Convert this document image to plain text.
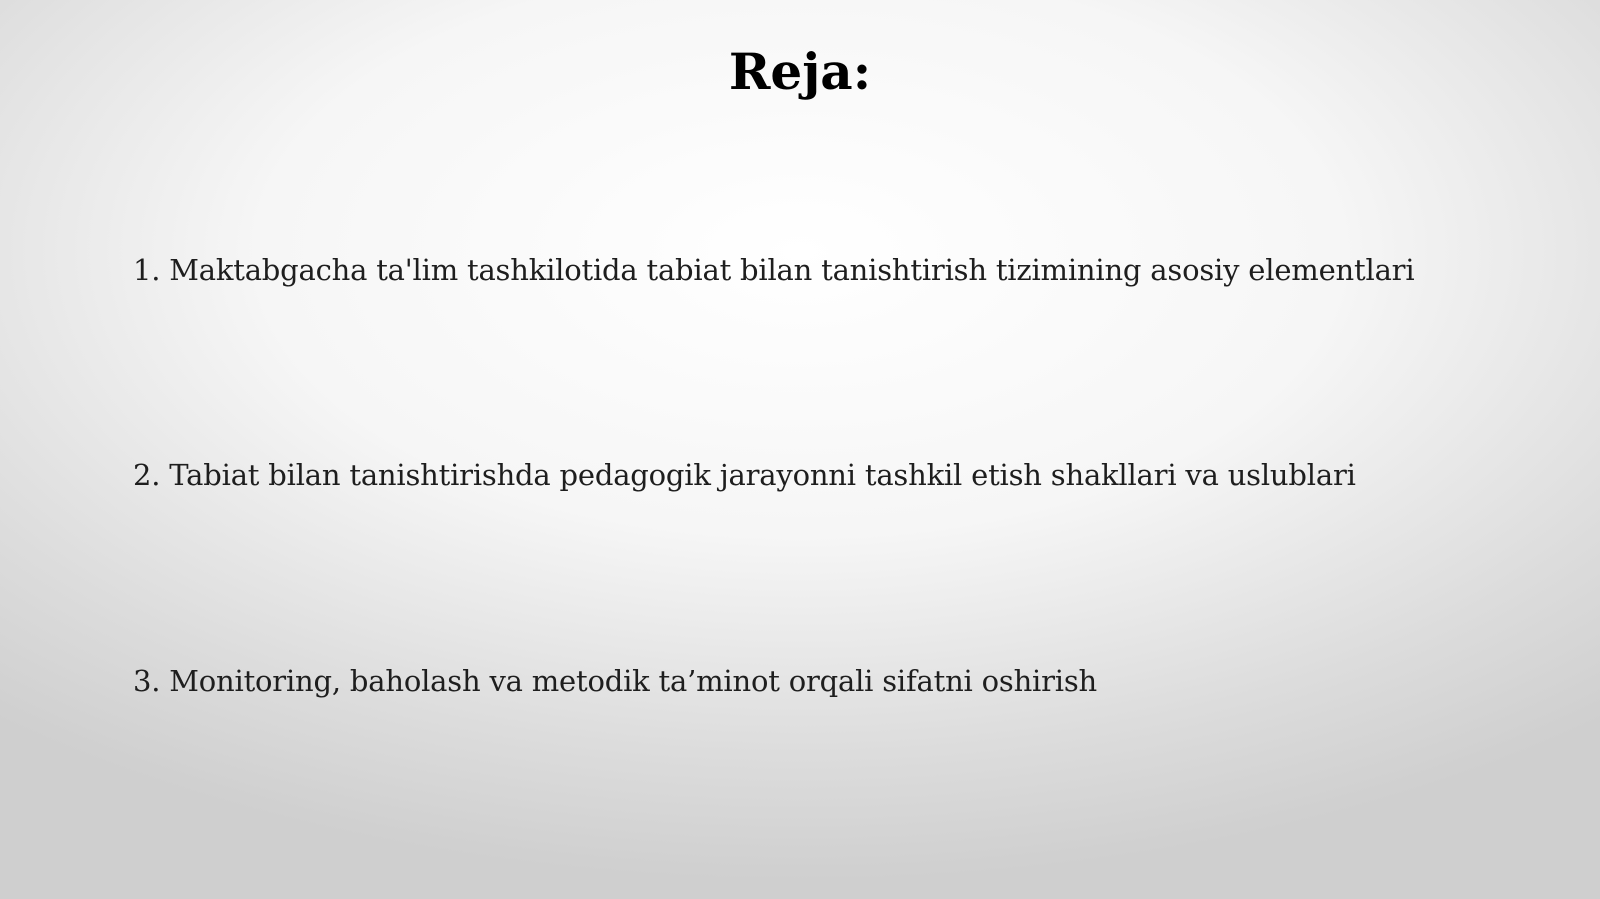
Reja:
1. Maktabgacha ta'lim tashkilotida tabiat bilan tanishtirish tizimining asosiy elementlari
2. Tabiat bilan tanishtirishda pedagogik jarayonni tashkil etish shakllari va uslublari
3. Monitoring, baholash va metodik ta’minot orqali sifatni oshirish
